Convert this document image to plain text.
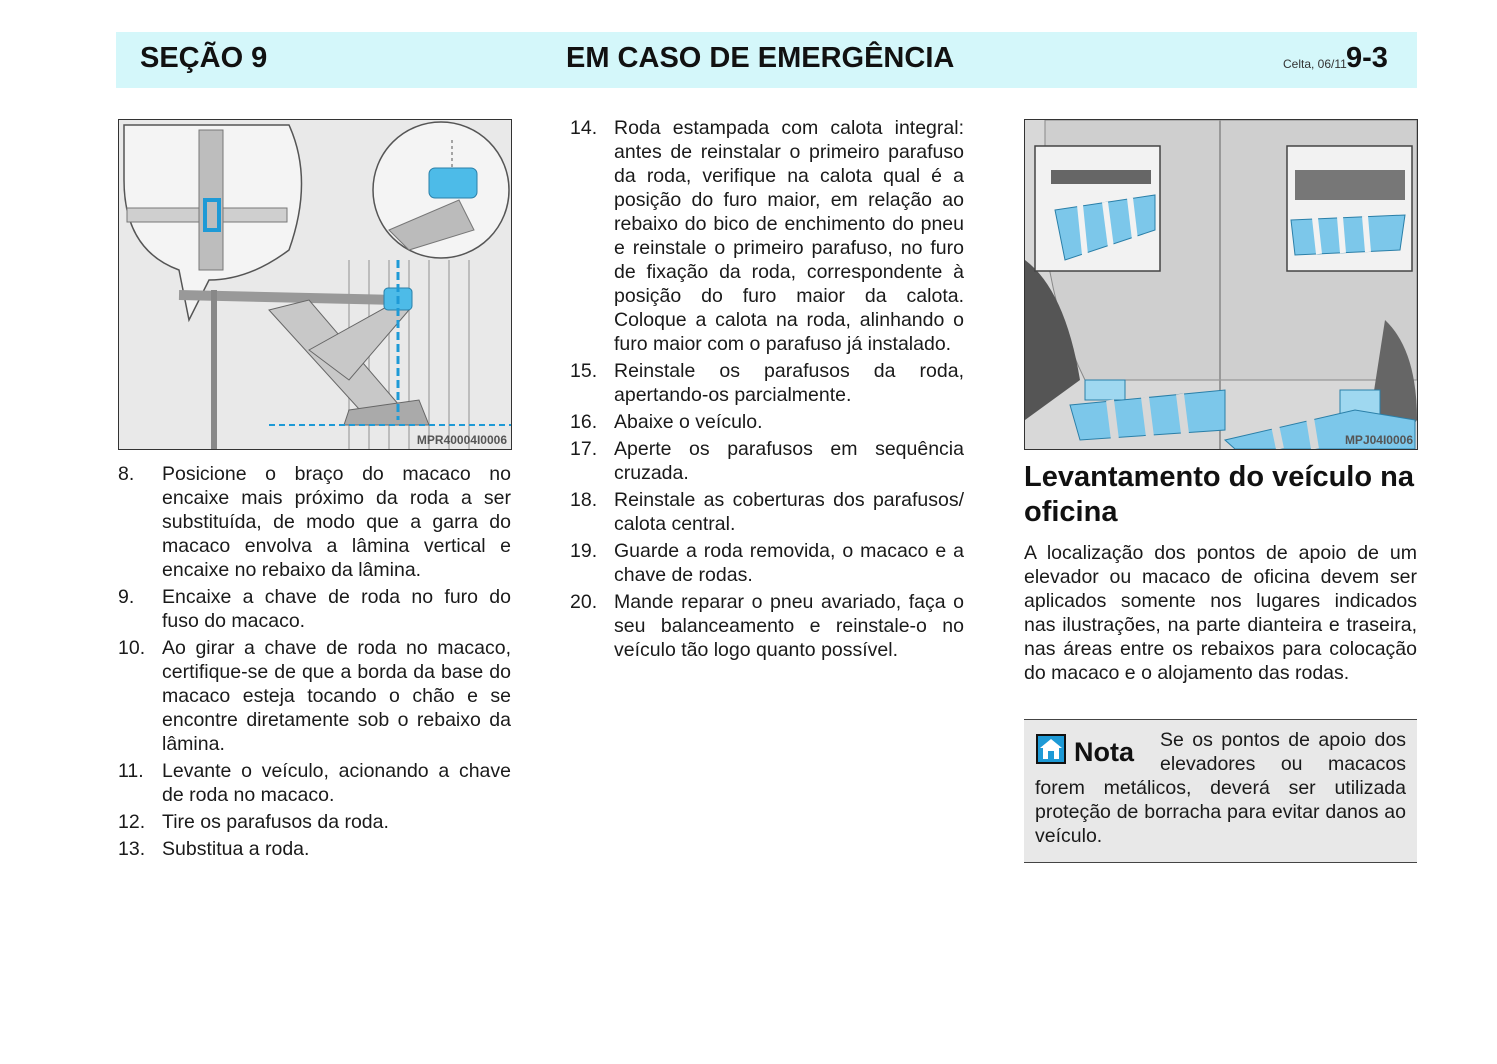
SEÇÃO 9	EM CASO DE EMERGÊNCIA	Celta, 06/11 9-3
MPR40004I0006
8. Posicione o braço do macaco no encaixe mais próximo da roda a ser substituída, de modo que a garra do macaco envolva a lâmina vertical e encaixe no rebaixo da lâmina.
9. Encaixe a chave de roda no furo do fuso do macaco.
10. Ao girar a chave de roda no macaco, certifique-se de que a borda da base do macaco esteja tocando o chão e se encontre diretamente sob o rebaixo da lâmina.
11. Levante o veículo, acionando a chave de roda no macaco.
12. Tire os parafusos da roda.
13. Substitua a roda.
14. Roda estampada com calota integral: antes de reinstalar o primeiro parafuso da roda, verifique na calota qual é a posição do furo maior, em relação ao rebaixo do bico de enchimento do pneu e reinstale o primeiro parafuso, no furo de fixação da roda, correspondente à posição do furo maior da calota. Coloque a calota na roda, alinhando o furo maior com o parafuso já instalado.
15. Reinstale os parafusos da roda, apertando-os parcialmente.
16. Abaixe o veículo.
17. Aperte os parafusos em sequência cruzada.
18. Reinstale as coberturas dos parafusos/ calota central.
19. Guarde a roda removida, o macaco e a chave de rodas.
20. Mande reparar o pneu avariado, faça o seu balanceamento e reinstale-o no veículo tão logo quanto possível.
MPJ04I0006
Levantamento do veículo na oficina
A localização dos pontos de apoio de um elevador ou macaco de oficina devem ser aplicados somente nos lugares indicados nas ilustrações, na parte dianteira e traseira, nas áreas entre os rebaixos para colocação do macaco e o alojamento das rodas.
Se os pontos de apoio dos elevadores ou macacos forem metálicos, deverá ser utilizada proteção de borracha para evitar danos ao veículo.
Nota
